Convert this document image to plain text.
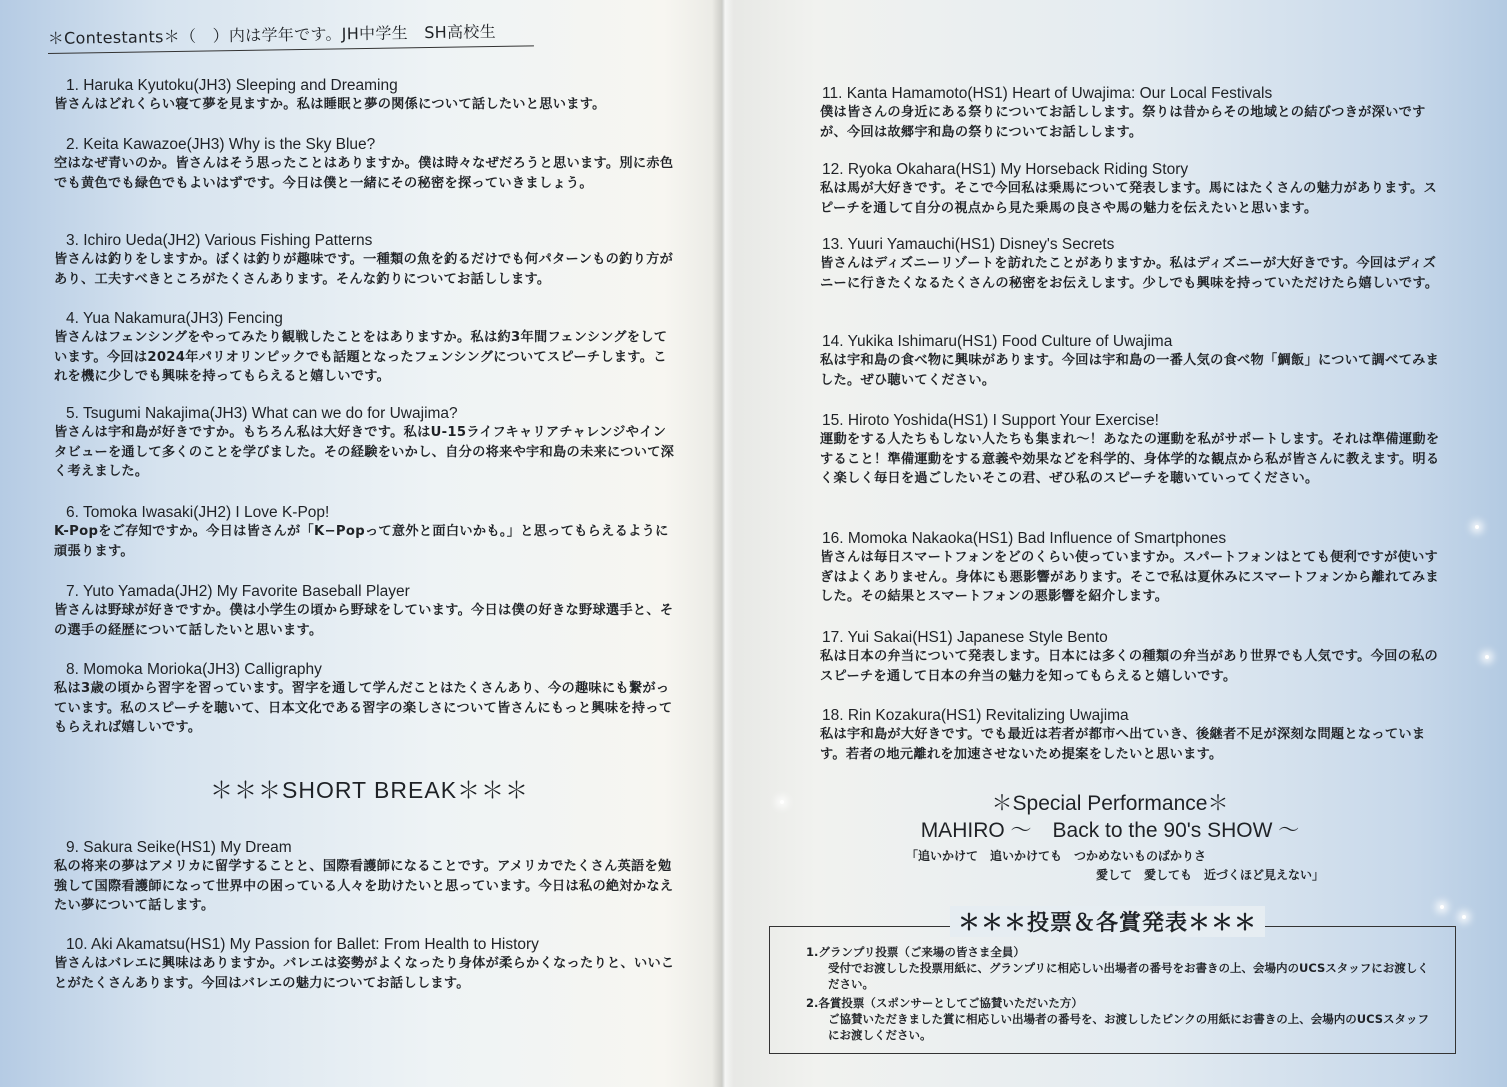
＊Contestants＊（　）内は学年です。JH中学生　SH高校生
1. Haruka Kyutoku(JH3) Sleeping and Dreaming
皆さんはどれくらい寝て夢を見ますか。私は睡眠と夢の関係について話したいと思います。
2. Keita Kawazoe(JH3) Why is the Sky Blue?
空はなぜ青いのか。皆さんはそう思ったことはありますか。僕は時々なぜだろうと思います。別に赤色でも黄色でも緑色でもよいはずです。今日は僕と一緒にその秘密を探っていきましょう。
3. Ichiro Ueda(JH2) Various Fishing Patterns
皆さんは釣りをしますか。ぼくは釣りが趣味です。一種類の魚を釣るだけでも何パターンもの釣り方があり、工夫すべきところがたくさんあります。そんな釣りについてお話しします。
4. Yua Nakamura(JH3) Fencing
皆さんはフェンシングをやってみたり観戦したことをはありますか。私は約3年間フェンシングをしています。今回は2024年パリオリンピックでも話題となったフェンシングについてスピーチします。これを機に少しでも興味を持ってもらえると嬉しいです。
5. Tsugumi Nakajima(JH3) What can we do for Uwajima?
皆さんは宇和島が好きですか。もちろん私は大好きです。私はU-15ライフキャリアチャレンジやインタビューを通して多くのことを学びました。その経験をいかし、自分の将来や宇和島の未来について深く考えました。
6. Tomoka Iwasaki(JH2) I Love K-Pop!
K-Popをご存知ですか。今日は皆さんが「K−Popって意外と面白いかも。」と思ってもらえるように頑張ります。
7. Yuto Yamada(JH2) My Favorite Baseball Player
皆さんは野球が好きですか。僕は小学生の頃から野球をしています。今日は僕の好きな野球選手と、その選手の経歴について話したいと思います。
8. Momoka Morioka(JH3) Calligraphy
私は3歳の頃から習字を習っています。習字を通して学んだことはたくさんあり、今の趣味にも繋がっています。私のスピーチを聴いて、日本文化である習字の楽しさについて皆さんにもっと興味を持ってもらえれば嬉しいです。
＊＊＊SHORT BREAK＊＊＊
9. Sakura Seike(HS1) My Dream
私の将来の夢はアメリカに留学することと、国際看護師になることです。アメリカでたくさん英語を勉強して国際看護師になって世界中の困っている人々を助けたいと思っています。今日は私の絶対かなえたい夢について話します。
10. Aki Akamatsu(HS1) My Passion for Ballet: From Health to History
皆さんはバレエに興味はありますか。バレエは姿勢がよくなったり身体が柔らかくなったりと、いいことがたくさんあります。今回はバレエの魅力についてお話しします。
11. Kanta Hamamoto(HS1) Heart of Uwajima: Our Local Festivals
僕は皆さんの身近にある祭りについてお話しします。祭りは昔からその地域との結びつきが深いですが、今回は故郷宇和島の祭りについてお話しします。
12. Ryoka Okahara(HS1) My Horseback Riding Story
私は馬が大好きです。そこで今回私は乗馬について発表します。馬にはたくさんの魅力があります。スピーチを通して自分の視点から見た乗馬の良さや馬の魅力を伝えたいと思います。
13. Yuuri Yamauchi(HS1) Disney's Secrets
皆さんはディズニーリゾートを訪れたことがありますか。私はディズニーが大好きです。今回はディズニーに行きたくなるたくさんの秘密をお伝えします。少しでも興味を持っていただけたら嬉しいです。
14. Yukika Ishimaru(HS1) Food Culture of Uwajima
私は宇和島の食べ物に興味があります。今回は宇和島の一番人気の食べ物「鯛飯」について調べてみました。ぜひ聴いてください。
15. Hiroto Yoshida(HS1) I Support Your Exercise!
運動をする人たちもしない人たちも集まれ〜！あなたの運動を私がサポートします。それは準備運動をすること！準備運動をする意義や効果などを科学的、身体学的な観点から私が皆さんに教えます。明るく楽しく毎日を過ごしたいそこの君、ぜひ私のスピーチを聴いていってください。
16. Momoka Nakaoka(HS1) Bad Influence of Smartphones
皆さんは毎日スマートフォンをどのくらい使っていますか。スパートフォンはとても便利ですが使いすぎはよくありません。身体にも悪影響があります。そこで私は夏休みにスマートフォンから離れてみました。その結果とスマートフォンの悪影響を紹介します。
17. Yui Sakai(HS1) Japanese Style Bento
私は日本の弁当について発表します。日本には多くの種類の弁当があり世界でも人気です。今回の私のスピーチを通して日本の弁当の魅力を知ってもらえると嬉しいです。
18. Rin Kozakura(HS1) Revitalizing Uwajima
私は宇和島が大好きです。でも最近は若者が都市へ出ていき、後継者不足が深刻な問題となっています。若者の地元離れを加速させないため提案をしたいと思います。
＊Special Performance＊
MAHIRO 〜　Back to the 90's SHOW 〜
「追いかけて　追いかけても　つかめないものばかりさ
愛して　愛しても　近づくほど見えない」
＊＊＊投票＆各賞発表＊＊＊
1.グランプリ投票（ご来場の皆さま全員）
受付でお渡しした投票用紙に、グランプリに相応しい出場者の番号をお書きの上、会場内のUCSスタッフにお渡しください。
2.各賞投票（スポンサーとしてご協賛いただいた方）
ご協賛いただきました賞に相応しい出場者の番号を、お渡ししたピンクの用紙にお書きの上、会場内のUCSスタッフにお渡しください。
